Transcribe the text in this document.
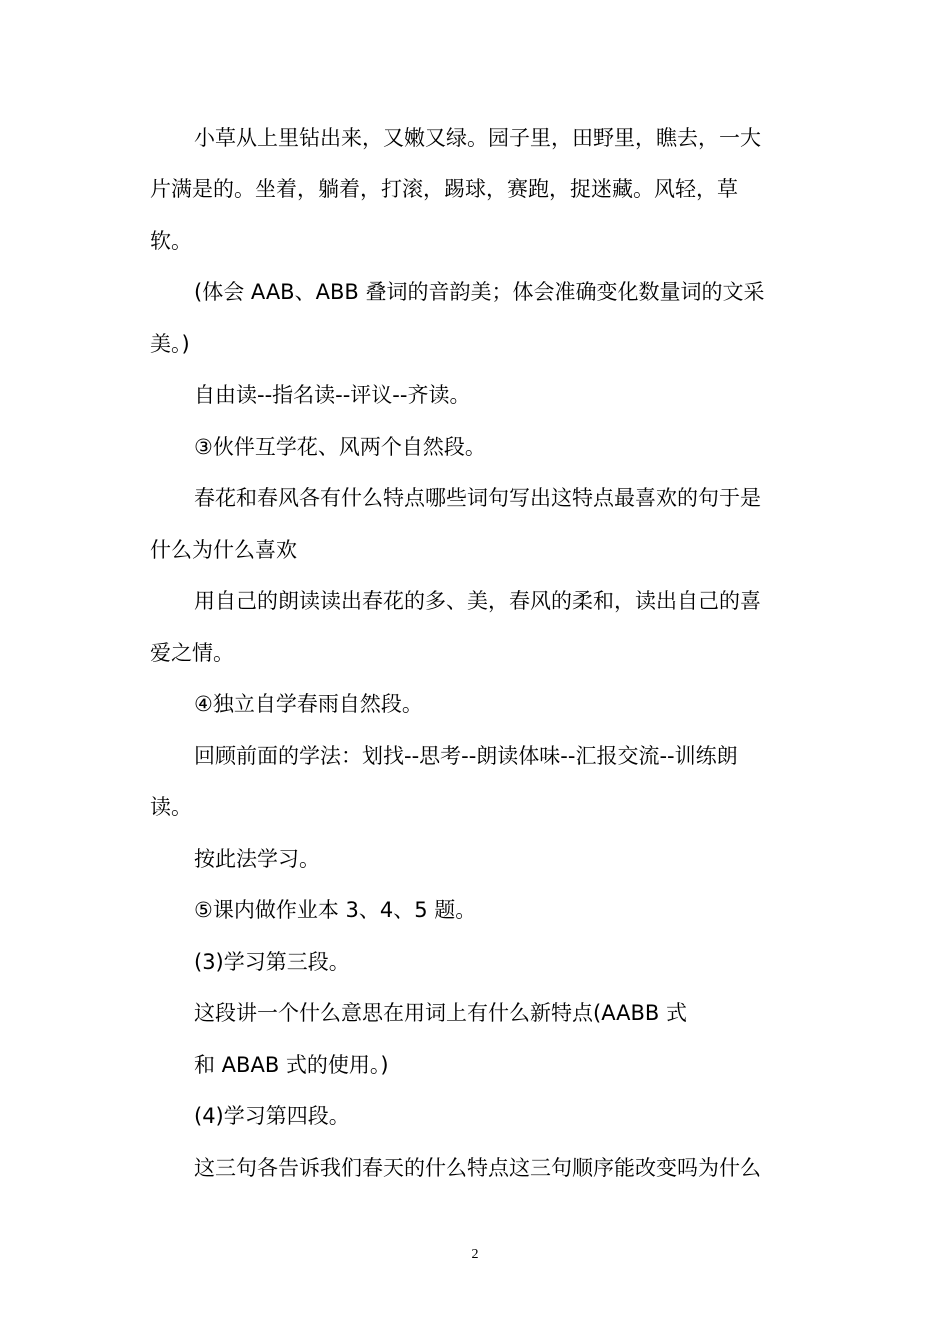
小草从上里钻出来，又嫩又绿。园子里，田野里，瞧去，一大
片满是的。坐着，躺着，打滚，踢球，赛跑，捉迷藏。风轻，草
软。
(体会 AAB、ABB 叠词的音韵美；体会准确变化数量词的文采
美。)
自由读--指名读--评议--齐读。
③伙伴互学花、风两个自然段。
春花和春风各有什么特点哪些词句写出这特点最喜欢的句于是
什么为什么喜欢
用自己的朗读读出春花的多、美，春风的柔和，读出自己的喜
爱之情。
④独立自学春雨自然段。
回顾前面的学法：划找--思考--朗读体味--汇报交流--训练朗
读。
按此法学习。
⑤课内做作业本 3、4、5 题。
(3)学习第三段。
这段讲一个什么意思在用词上有什么新特点(AABB 式
和 ABAB 式的使用。)
(4)学习第四段。
这三句各告诉我们春天的什么特点这三句顺序能改变吗为什么
2
